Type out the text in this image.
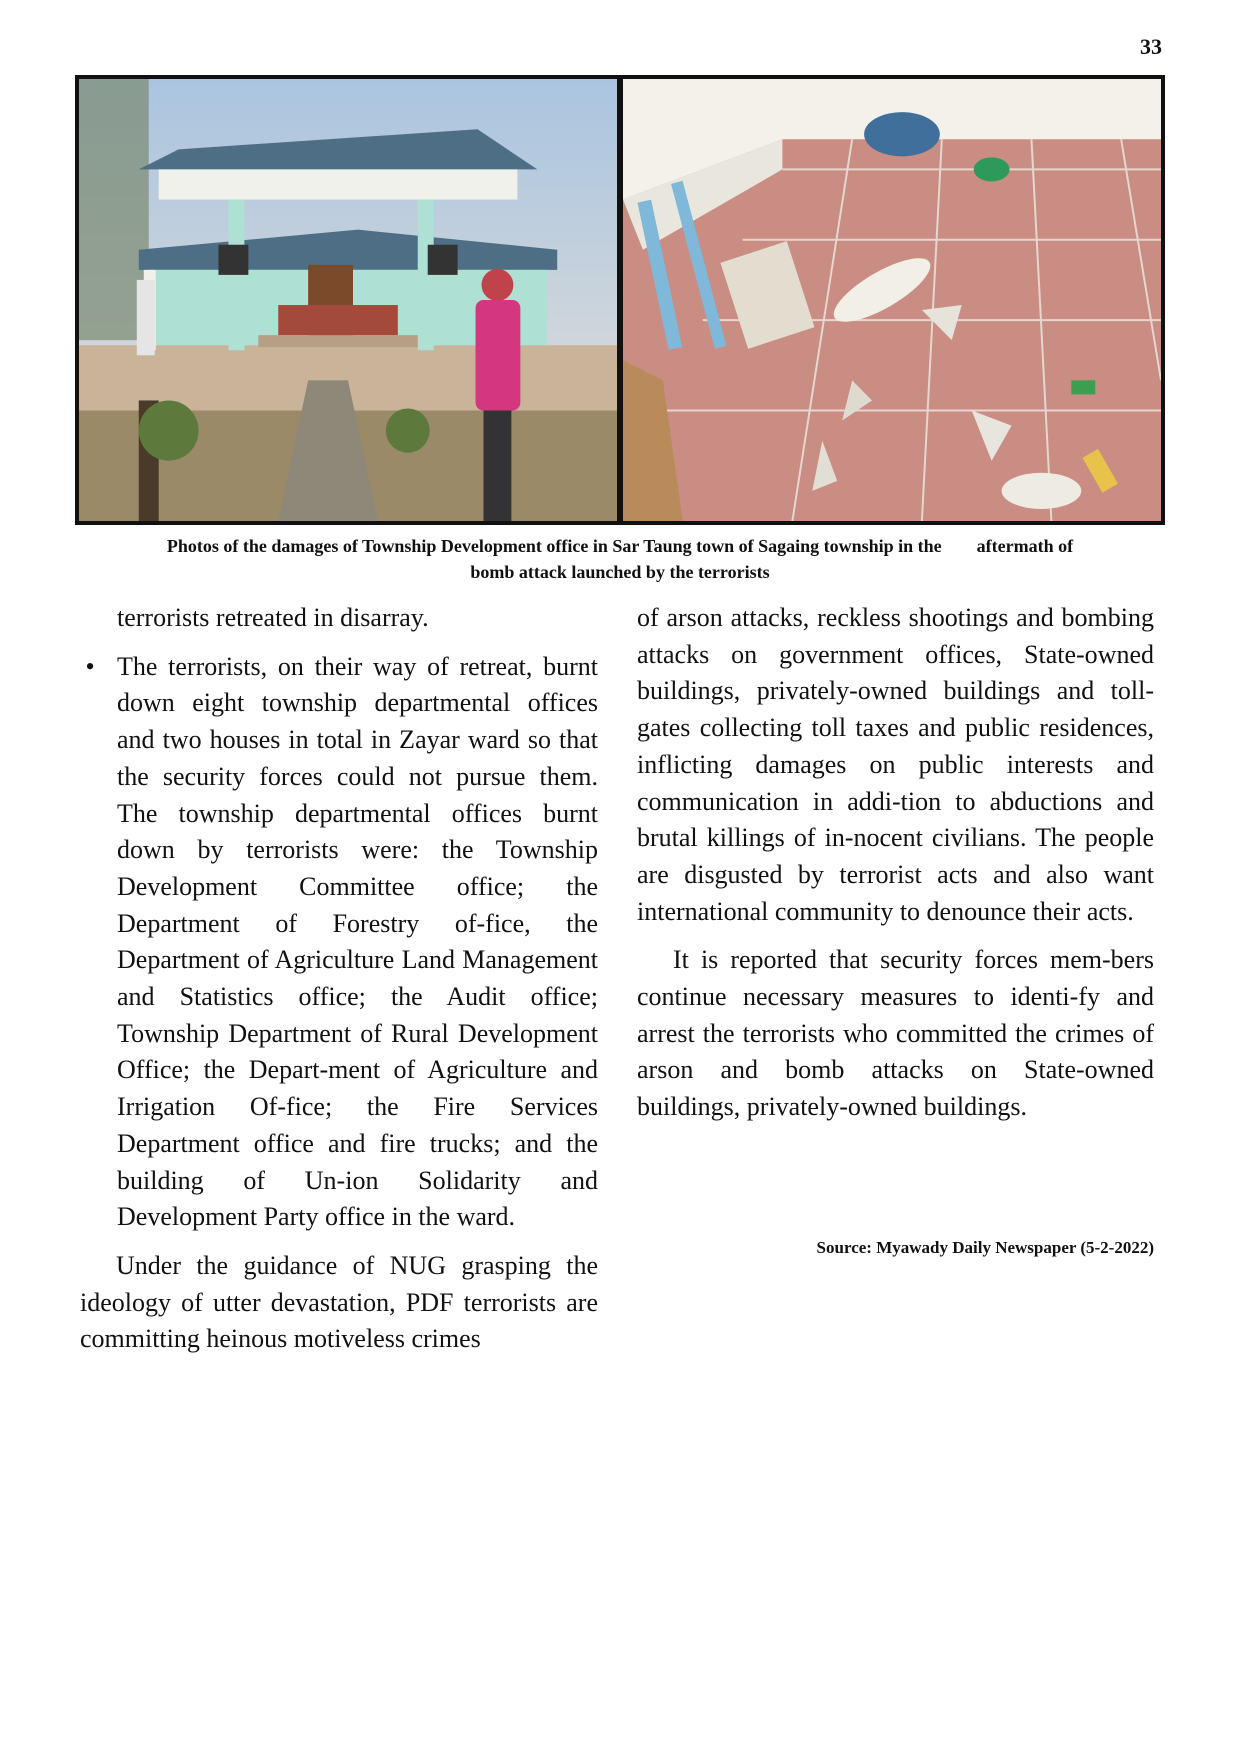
33
Photos of the damages of Township Development office in Sar Taung town of Sagaing township in the aftermath of
bomb attack launched by the terrorists

terrorists retreated in disarray.

• The terrorists, on their way of retreat, burnt down eight township departmental offices and two houses in total in Zayar ward so that the security forces could not pursue them. The township departmental offices burnt down by terrorists were: the Township Development Committee office; the Department of Forestry of-fice, the Department of Agriculture Land Management and Statistics office; the Audit office; Township Department of Rural Development Office; the Depart-ment of Agriculture and Irrigation Of-fice; the Fire Services Department office and fire trucks; and the building of Un-ion Solidarity and Development Party office in the ward.

Under the guidance of NUG grasping the ideology of utter devastation, PDF terrorists are committing heinous motiveless crimes

of arson attacks, reckless shootings and bombing attacks on government offices, State-owned buildings, privately-owned buildings and toll-gates collecting toll taxes and public residences, inflicting damages on public interests and communication in addi-tion to abductions and brutal killings of in-nocent civilians. The people are disgusted by terrorist acts and also want international community to denounce their acts.

It is reported that security forces mem-bers continue necessary measures to identi-fy and arrest the terrorists who committed the crimes of arson and bomb attacks on State-owned buildings, privately-owned buildings.

Source: Myawady Daily Newspaper (5-2-2022)
